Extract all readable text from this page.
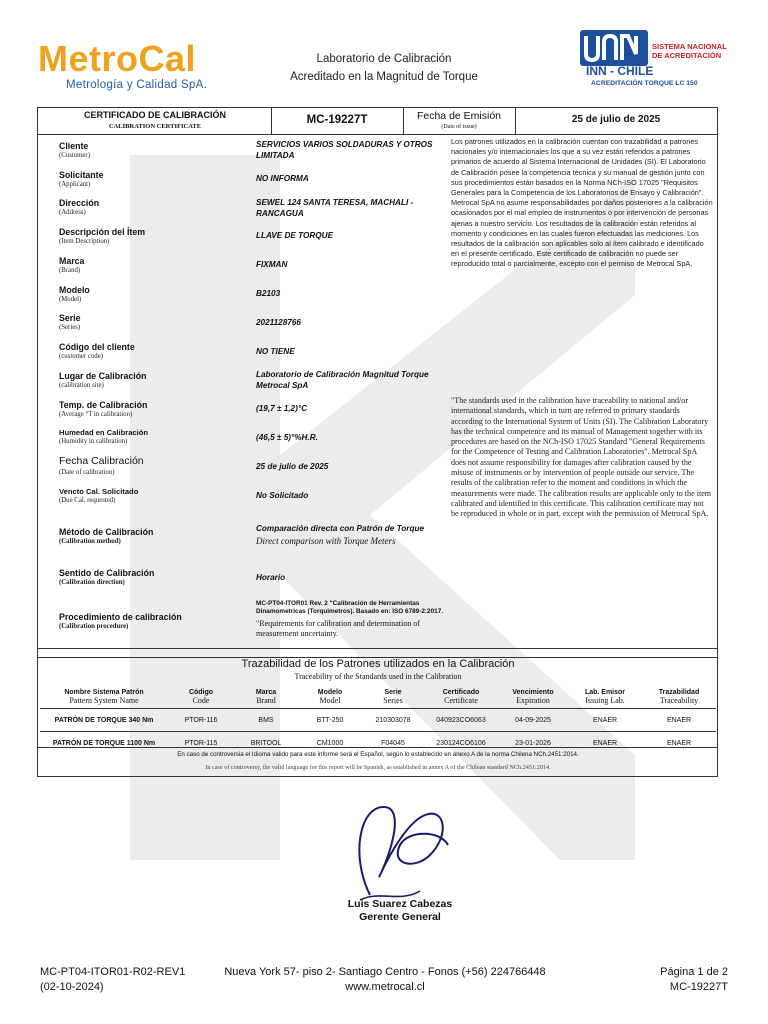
MetroCal
Metrología y Calidad SpA.
Laboratorio de Calibración
Acreditado en la Magnitud de Torque	INN - CHILE
SISTEMA NACIONAL
DE ACREDITACIÓN
ACREDITACIÓN TORQUE LC 150
CERTIFICADO DE CALIBRACIÓN
CALIBRATION CERTIFICATE
MC-19227T	Fecha de Emisión
(Date of issue)
25 de julio de 2025
Cliente
(Customer)
SERVICIOS VARIOS SOLDADURAS Y OTROS LIMITADA
Solicitante
(Applicant)
NO INFORMA
Dirección
(Address)
SEWEL 124 SANTA TERESA, MACHALI - RANCAGUA
Descripción del Ítem
(Item Description)
LLAVE DE TORQUE
Marca
(Brand)
FIXMAN
Modelo
(Model)
B2103
Serie
(Series)
2021128766
Código del cliente
(customer code)
NO TIENE
Lugar de Calibración
(calibration site)
Laboratorio de Calibración Magnitud Torque Metrocal SpA
Temp. de Calibración
(Average °T in calibration)
(19,7 ± 1,2)°C
Humedad en Calibración
(Humidity in calibration)	(46,5 ± 5)°%H.R.
Fecha Calibración
(Date of calibration)
25 de julio de 2025
Vencto Cal. Solicitado
(Due Cal. requested)
No Solicitado
Método de Calibración
(Calibration method)
Comparación directa con Patrón de Torque
Direct comparison with Torque Meters
Sentido de Calibración
(Calibration direction)
Horario
Procedimiento de calibración
(Calibration procedure)
MC-PT04-ITOR01 Rev. 2 "Calibración de Herramientas Dinamometricas (Torquimetros). Basado en: ISO 6789-2:2017.
"Requirements for calibration and determination of measurement uncertainty.
Los patrones utilizados en la calibración cuentan con trazabilidad a patrones nacionales y/o internacionales los que a su vez están referidos a patrones primarios de acuerdo al Sistema Internacional de Unidades (SI). El Laboratorio de Calibración posee la competencia técnica y su manual de gestión junto con sus procedimientos están basados en la Norma NCh-ISO 17025 "Requisitos Generales para la Competencia de los Laboratorios de Ensayo y Calibración". Metrocal SpA no asume responsabilidades por daños posteriores a la calibración ocasionados por el mal empleo de instrumentos o por intervención de personas ajenas a nuestro servicio. Los resultados de la calibración están referidos al momento y condiciones en las cuales fueron efectuadas las mediciones. Los resultados de la calibración son aplicables solo al ítem calibrado e identificado en el presente certificado. Este certificado de calibración no puede ser reproducido total o parcialmente, excepto con el permiso de Metrocal SpA.
"The standards used in the calibration have traceability to national and/or international standards, which in turn are referred to primary standards according to the International System of Units (SI). The Calibration Laboratory has the technical competence and its manual of Management together with its procedures are based on the NCh-ISO 17025 Standard "General Requirements for the Competence of Testing and Calibration Laboratories". Metrocal SpA does not assume responsibility for damages after calibration caused by the misuse of instruments or by intervention of people outside our service. The results of the calibration refer to the moment and conditions in which the measurements were made. The calibration results are applicable only to the item calibrated and identified in this certificate. This calibration certificate may not be reproduced in whole or in part, except with the permission of Metrocal SpA.
Trazabilidad de los Patrones utilizados en la Calibración
Traceability of the Standards used in the Calibration
Nombre Sistema Patrón	Código	Marca	Modelo	Serie	Certificado	Vencimiento	Lab. Emisor	Trazabilidad
Pattern System Name	Code	Brand	Model	Series	Certificate	Expiration	Issuing Lab.	Traceability
PATRÓN DE TORQUE 340 Nm	PTOR-116	BMS	BTT-250	210303078	040923CO6063	04-09-2025	ENAER	ENAER
PATRÓN DE TORQUE 1100 Nm	PTOR-115	BRITOOL	CM1000	F04045	230124CO6106	23-01-2026	ENAER	ENAER
En caso de controversia el Idioma valido para este informe será el Español, según lo establecido en anexo A de la norma Chilena NCh.2451:2014.
In case of controversy, the valid language for this report will be Spanish, as established in annex A of the Chilean standard NCh.2451:2014.
Luis Suarez Cabezas
Gerente General
MC-PT04-ITOR01-R02-REV1
(02-10-2024)
Nueva York 57- piso 2- Santiago Centro - Fonos (+56) 224766448
www.metrocal.cl
Página 1 de 2
MC-19227T
